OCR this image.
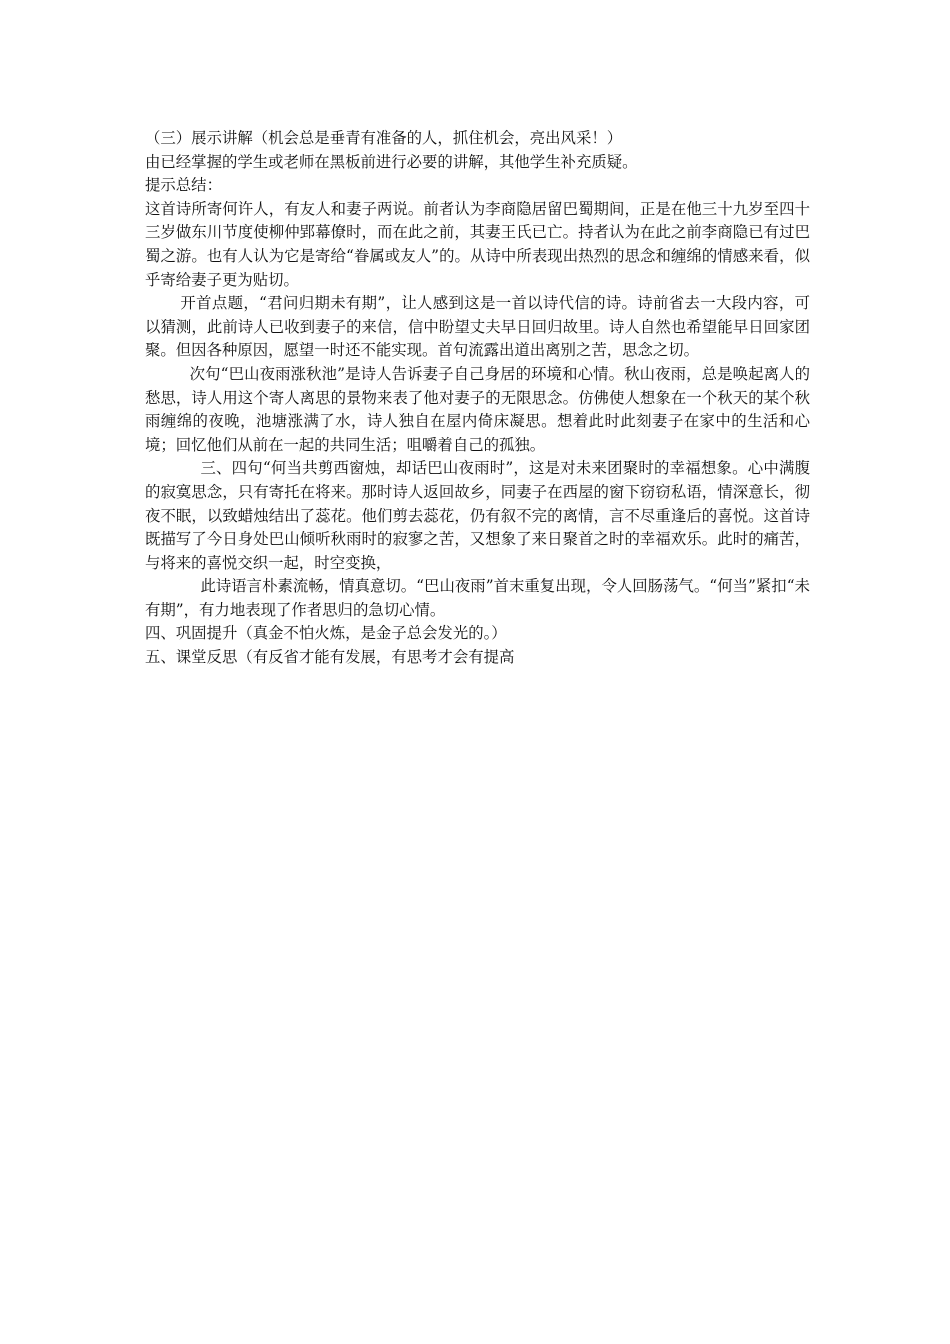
（三）展示讲解（机会总是垂青有准备的人，抓住机会，亮出风采！）

由已经掌握的学生或老师在黑板前进行必要的讲解，其他学生补充质疑。

提示总结：

这首诗所寄何许人，有友人和妻子两说。前者认为李商隐居留巴蜀期间，正是在他三十九岁至四十三岁做东川节度使柳仲郢幕僚时，而在此之前，其妻王氏已亡。持者认为在此之前李商隐已有过巴蜀之游。也有人认为它是寄给“眷属或友人”的。从诗中所表现出热烈的思念和缠绵的情感来看，似乎寄给妻子更为贴切。

开首点题，“君问归期未有期”，让人感到这是一首以诗代信的诗。诗前省去一大段内容，可以猜测，此前诗人已收到妻子的来信，信中盼望丈夫早日回归故里。诗人自然也希望能早日回家团聚。但因各种原因，愿望一时还不能实现。首句流露出道出离别之苦，思念之切。

次句“巴山夜雨涨秋池”是诗人告诉妻子自己身居的环境和心情。秋山夜雨，总是唤起离人的愁思，诗人用这个寄人离思的景物来表了他对妻子的无限思念。仿佛使人想象在一个秋天的某个秋雨缠绵的夜晚，池塘涨满了水，诗人独自在屋内倚床凝思。想着此时此刻妻子在家中的生活和心境；回忆他们从前在一起的共同生活；咀嚼着自己的孤独。

三、四句“何当共剪西窗烛，却话巴山夜雨时”，这是对未来团聚时的幸福想象。心中满腹的寂寞思念，只有寄托在将来。那时诗人返回故乡，同妻子在西屋的窗下窃窃私语，情深意长，彻夜不眠，以致蜡烛结出了蕊花。他们剪去蕊花，仍有叙不完的离情，言不尽重逢后的喜悦。这首诗既描写了今日身处巴山倾听秋雨时的寂寥之苦，又想象了来日聚首之时的幸福欢乐。此时的痛苦，与将来的喜悦交织一起，时空变换，

此诗语言朴素流畅，情真意切。“巴山夜雨”首末重复出现，令人回肠荡气。“何当”紧扣“未有期”，有力地表现了作者思归的急切心情。

四、巩固提升（真金不怕火炼，是金子总会发光的。）

五、课堂反思（有反省才能有发展，有思考才会有提高
